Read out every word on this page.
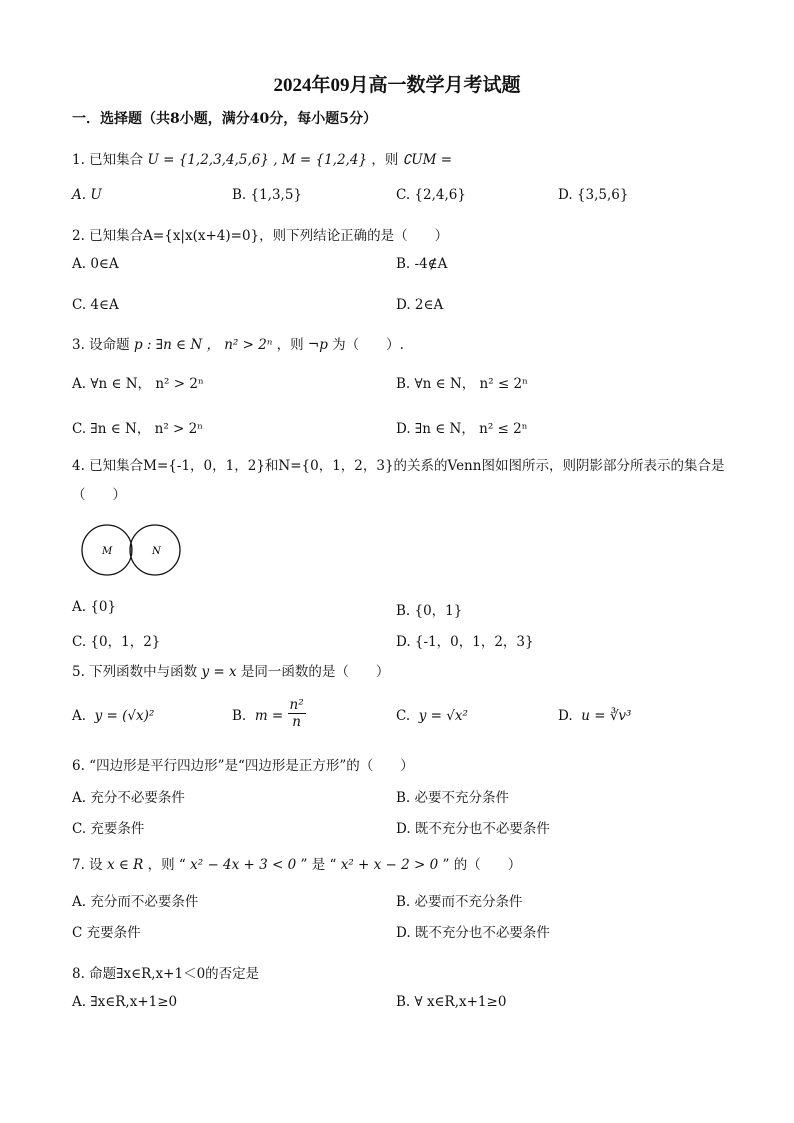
2024年09月高一数学月考试题
一．选择题（共8小题，满分40分，每小题5分）
1. 已知集合 U = {1,2,3,4,5,6} , M = {1,2,4} ，则 ∁UM =
A. U	B. {1,3,5}	C. {2,4,6}	D. {3,5,6}
2. 已知集合A={x|x(x+4)=0}，则下列结论正确的是（　　）
A. 0∈A	B. -4∉A
C. 4∈A	D. 2∈A
3. 设命题 p : ∃n ∈ N ， n² > 2ⁿ ，则 ¬p 为（　　）.
A. ∀n ∈ N， n² > 2ⁿ	B. ∀n ∈ N， n² ≤ 2ⁿ
C. ∃n ∈ N， n² > 2ⁿ	D. ∃n ∈ N， n² ≤ 2ⁿ
4. 已知集合M={-1，0，1，2}和N={0，1，2，3}的关系的Venn图如图所示，则阴影部分所表示的集合是
（　　）
M	N
A. {0}	B. {0，1}
C. {0，1，2}	D. {-1，0，1，2，3}
5. 下列函数中与函数 y = x 是同一函数的是（　　）
A. y = (√x)²	B. $m = \frac{\text{n²}}{n}$	C. y = √x²	D. u = ∛v³
6. “四边形是平行四边形”是“四边形是正方形”的（　　）
A. 充分不必要条件	B. 必要不充分条件
C. 充要条件	D. 既不充分也不必要条件
7. 设 x ∈ R ，则 “ x² − 4x + 3 < 0 ” 是 “ x² + x − 2 > 0 ” 的（　　）
A. 充分而不必要条件	B. 必要而不充分条件
C 充要条件	D. 既不充分也不必要条件
8. 命题∃x∈R,x+1＜0的否定是
A. ∃x∈R,x+1≥0	B. ∀ x∈R,x+1≥0
